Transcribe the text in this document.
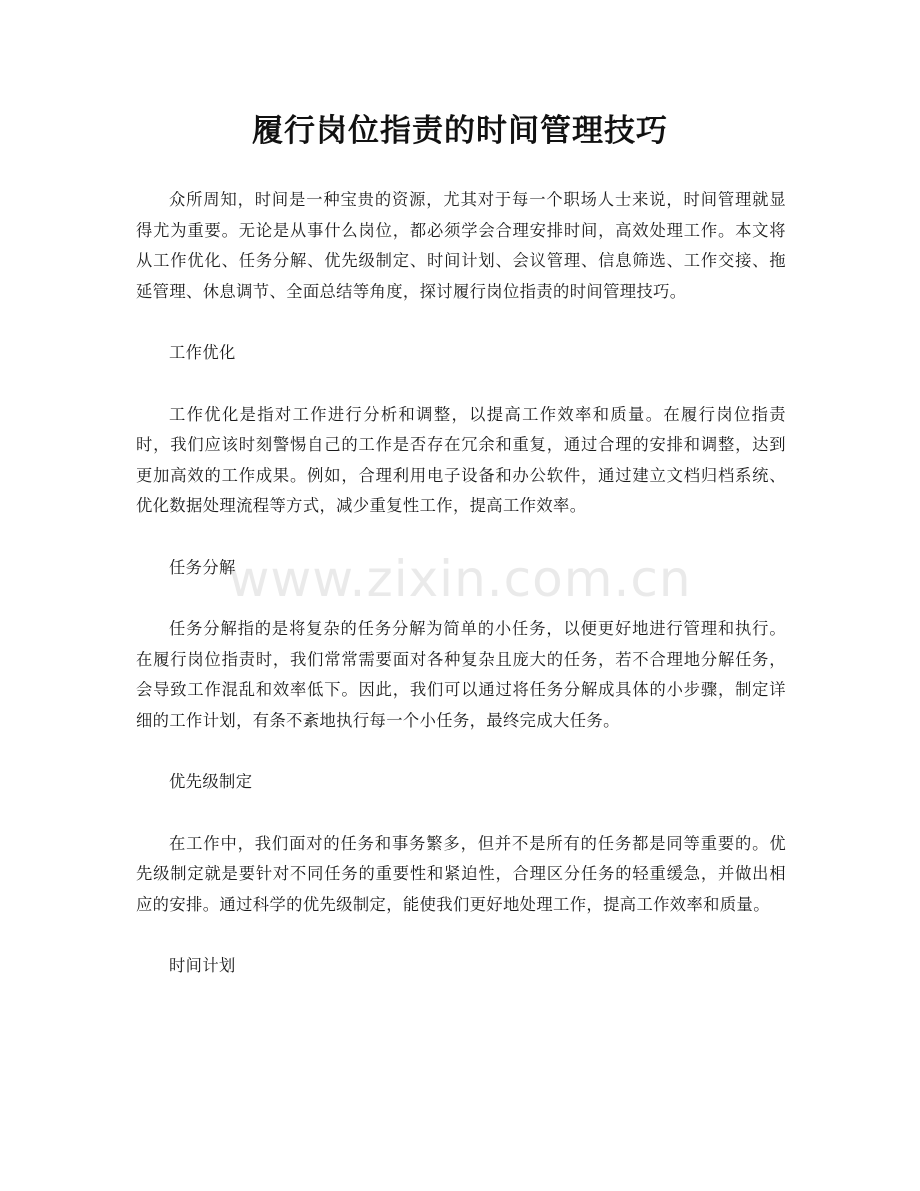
履行岗位指责的时间管理技巧

众所周知，时间是一种宝贵的资源，尤其对于每一个职场人士来说，时间管理就显得尤为重要。无论是从事什么岗位，都必须学会合理安排时间，高效处理工作。本文将从工作优化、任务分解、优先级制定、时间计划、会议管理、信息筛选、工作交接、拖延管理、休息调节、全面总结等角度，探讨履行岗位指责的时间管理技巧。

工作优化

工作优化是指对工作进行分析和调整，以提高工作效率和质量。在履行岗位指责时，我们应该时刻警惕自己的工作是否存在冗余和重复，通过合理的安排和调整，达到更加高效的工作成果。例如，合理利用电子设备和办公软件，通过建立文档归档系统、优化数据处理流程等方式，减少重复性工作，提高工作效率。

任务分解

任务分解指的是将复杂的任务分解为简单的小任务，以便更好地进行管理和执行。在履行岗位指责时，我们常常需要面对各种复杂且庞大的任务，若不合理地分解任务，会导致工作混乱和效率低下。因此，我们可以通过将任务分解成具体的小步骤，制定详细的工作计划，有条不紊地执行每一个小任务，最终完成大任务。

优先级制定

在工作中，我们面对的任务和事务繁多，但并不是所有的任务都是同等重要的。优先级制定就是要针对不同任务的重要性和紧迫性，合理区分任务的轻重缓急，并做出相应的安排。通过科学的优先级制定，能使我们更好地处理工作，提高工作效率和质量。

时间计划

www.zixin.com.cn
